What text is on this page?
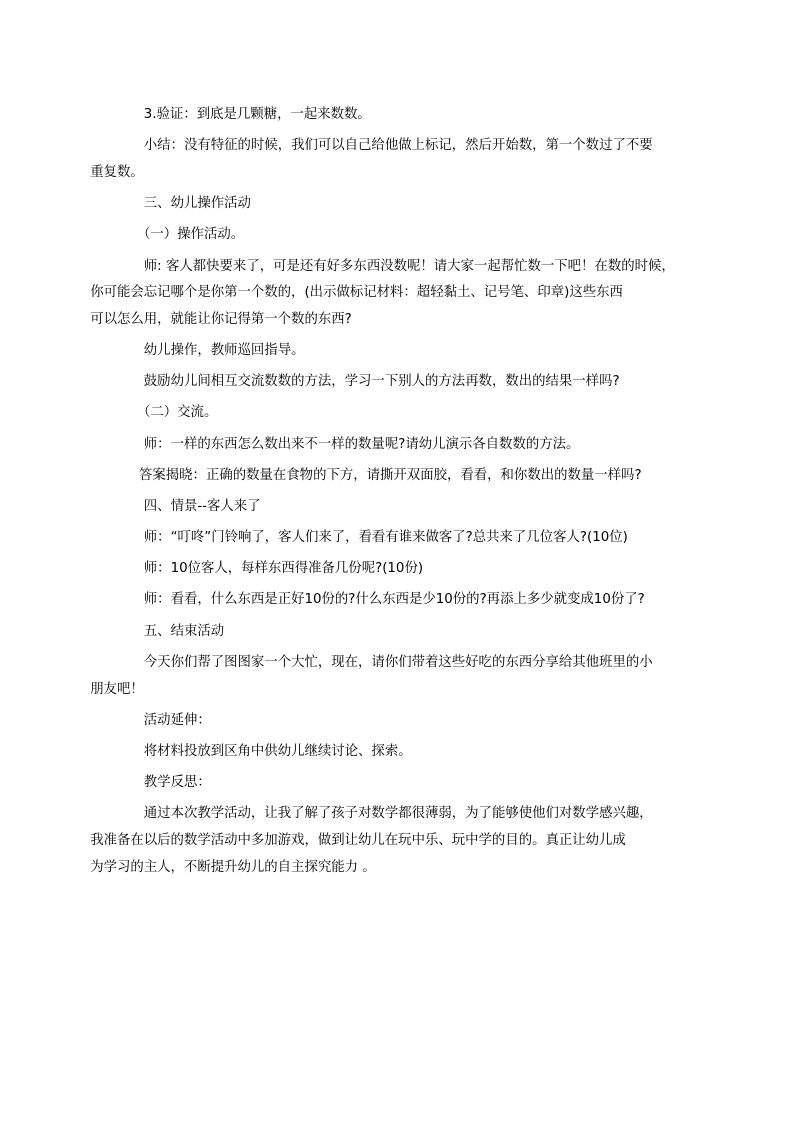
3.验证：到底是几颗糖，一起来数数。

小结：没有特征的时候，我们可以自己给他做上标记，然后开始数，第一个数过了不要
重复数。

三、幼儿操作活动

（一）操作活动。

师: 客人都快要来了，可是还有好多东西没数呢！请大家一起帮忙数一下吧！在数的时候，
你可能会忘记哪个是你第一个数的，(出示做标记材料：超轻黏土、记号笔、印章)这些东西
可以怎么用，就能让你记得第一个数的东西?

幼儿操作，教师巡回指导。

鼓励幼儿间相互交流数数的方法，学习一下别人的方法再数，数出的结果一样吗?

（二）交流。

师：一样的东西怎么数出来不一样的数量呢?请幼儿演示各自数数的方法。

答案揭晓：正确的数量在食物的下方，请撕开双面胶，看看，和你数出的数量一样吗?

四、情景--客人来了

师：“叮咚”门铃响了，客人们来了，看看有谁来做客了?总共来了几位客人?(10位)

师：10位客人，每样东西得准备几份呢?(10份)

师：看看，什么东西是正好10份的?什么东西是少10份的?再添上多少就变成10份了?

五、结束活动

今天你们帮了图图家一个大忙，现在，请你们带着这些好吃的东西分享给其他班里的小
朋友吧！

活动延伸：

将材料投放到区角中供幼儿继续讨论、探索。

教学反思：

通过本次教学活动，让我了解了孩子对数学都很薄弱，为了能够使他们对数学感兴趣，
我准备在以后的数学活动中多加游戏，做到让幼儿在玩中乐、玩中学的目的。真正让幼儿成
为学习的主人，不断提升幼儿的自主探究能力 。
